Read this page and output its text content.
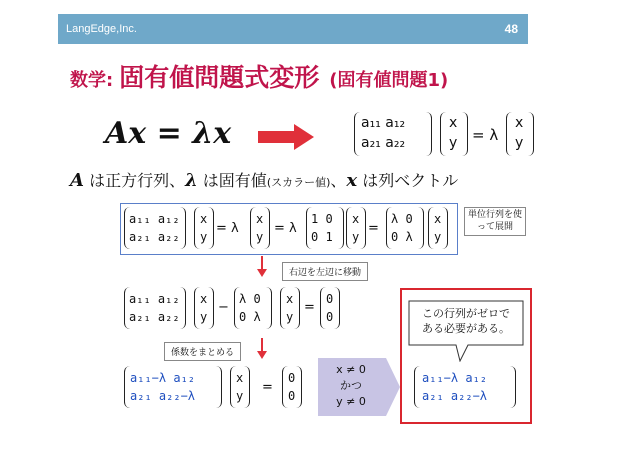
LangEdge,Inc.	48
数学: 固有値問題式変形 (固有値問題1)
Ax = λx	a₁₁ a₁₂
a₂₁ a₂₂
x
y = λ
x
y
A は正方行列、λ は固有値(スカラー値)、x は列ベクトル
a₁₁ a₁₂
a₂₁ a₂₂
x
y
= λ
x
y
= λ
1 0
0 1
x
y
=
λ 0
0 λ
x
y
単位行列を使って展開
右辺を左辺に移動
a₁₁ a₁₂
a₂₁ a₂₂
x
y
−
λ 0
0 λ
x
y
=
0
0
係数をまとめる
a₁₁−λ a₁₂
a₂₁ a₂₂−λ
x
y
=
0
0
x ≠ 0
かつ
y ≠ 0
この行列がゼロで
ある必要がある。
a₁₁−λ a₁₂
a₂₁ a₂₂−λ
